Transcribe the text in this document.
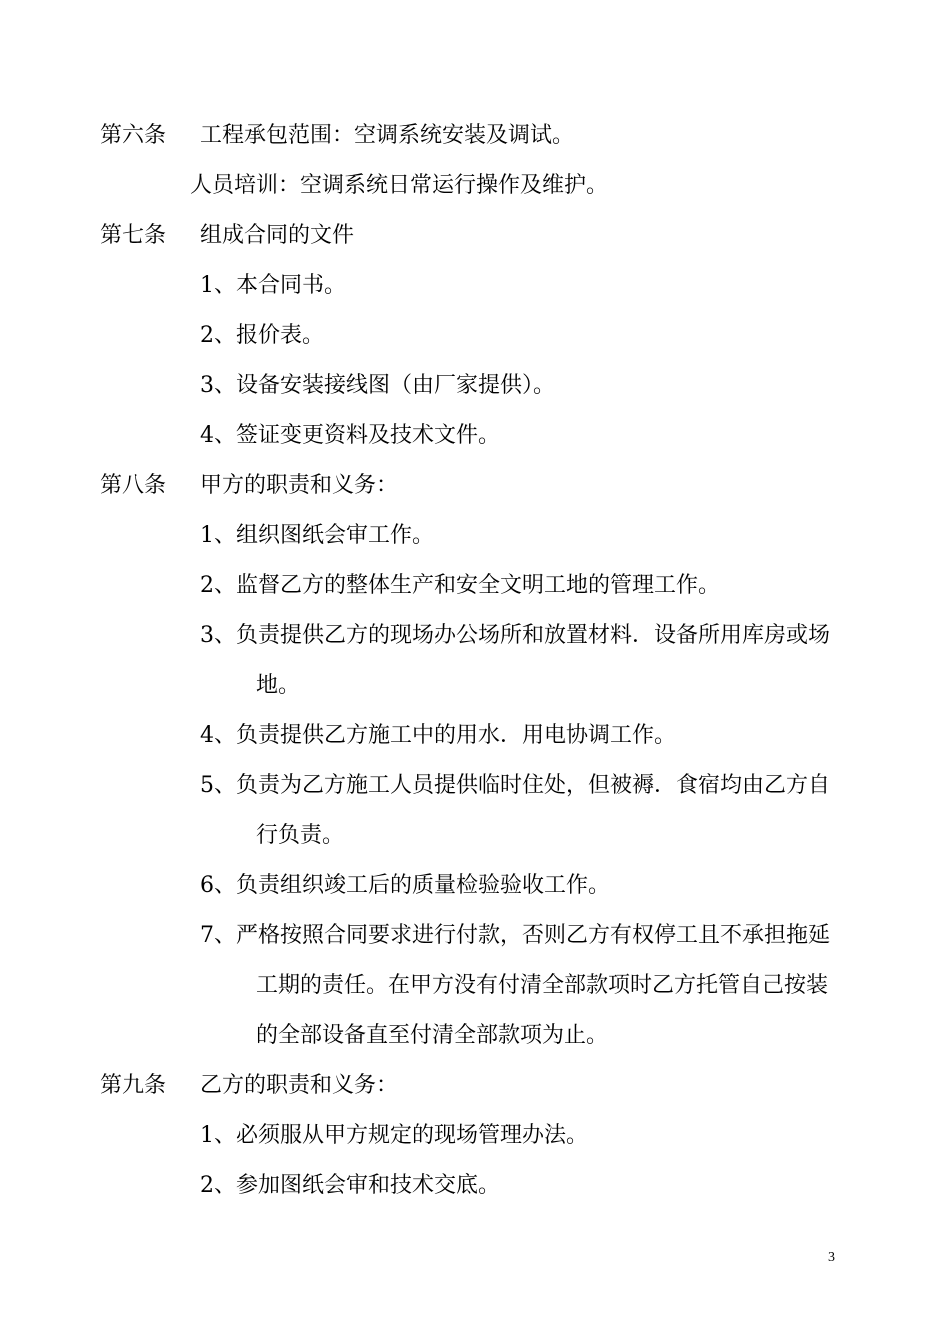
第六条 工程承包范围：空调系统安装及调试。
人员培训：空调系统日常运行操作及维护。
第七条 组成合同的文件
1、本合同书。
2、报价表。
3、设备安装接线图（由厂家提供）。
4、签证变更资料及技术文件。
第八条 甲方的职责和义务：
1、组织图纸会审工作。
2、监督乙方的整体生产和安全文明工地的管理工作。
3、负责提供乙方的现场办公场所和放置材料．设备所用库房或场
地。
4、负责提供乙方施工中的用水．用电协调工作。
5、负责为乙方施工人员提供临时住处，但被褥．食宿均由乙方自
行负责。
6、负责组织竣工后的质量检验验收工作。
7、严格按照合同要求进行付款，否则乙方有权停工且不承担拖延
工期的责任。在甲方没有付清全部款项时乙方托管自己按装
的全部设备直至付清全部款项为止。
第九条 乙方的职责和义务：
1、必须服从甲方规定的现场管理办法。
2、参加图纸会审和技术交底。
3
